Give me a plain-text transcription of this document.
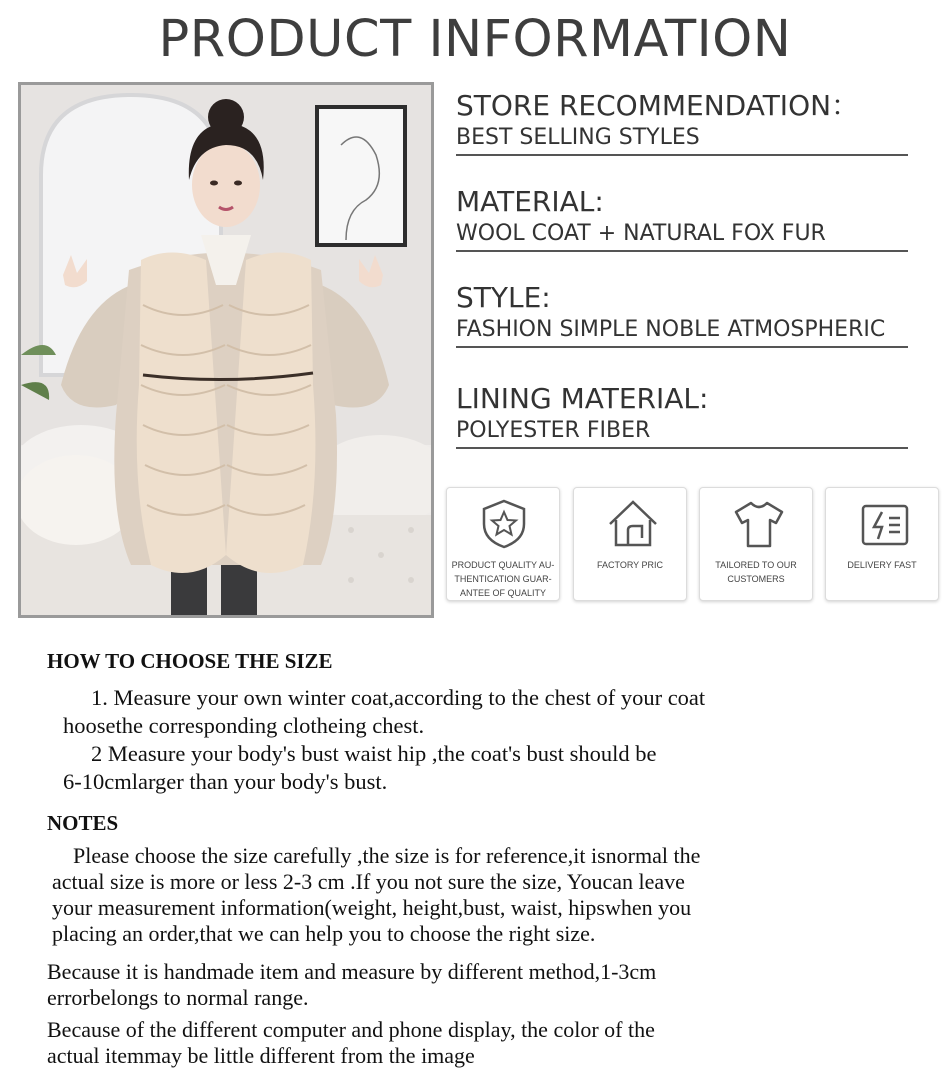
PRODUCT INFORMATION
STORE RECOMMENDATION：
BEST SELLING STYLES
MATERIAL:
WOOL COAT + NATURAL FOX FUR
STYLE:
FASHION SIMPLE NOBLE ATMOSPHERIC
LINING MATERIAL:
POLYESTER FIBER
PRODUCT QUALITY AU-
THENTICATION GUAR-
ANTEE OF QUALITY
FACTORY PRIC	TAILORED TO OUR
CUSTOMERS
DELIVERY FAST
HOW TO CHOOSE THE SIZE
1. Measure your own winter coat,according to the chest of your coat
hoosethe corresponding clotheing chest.
2 Measure your body's bust waist hip ,the coat's bust should be
6-10cmlarger than your body's bust.
NOTES
Please choose the size carefully ,the size is for reference,it isnormal the
actual size is more or less 2-3 cm .If you not sure the size, Youcan leave
your measurement information(weight, height,bust, waist, hipswhen you
placing an order,that we can help you to choose the right size.
Because it is handmade item and measure by different method,1-3cm
errorbelongs to normal range.
Because of the different computer and phone display, the color of the
actual itemmay be little different from the image
